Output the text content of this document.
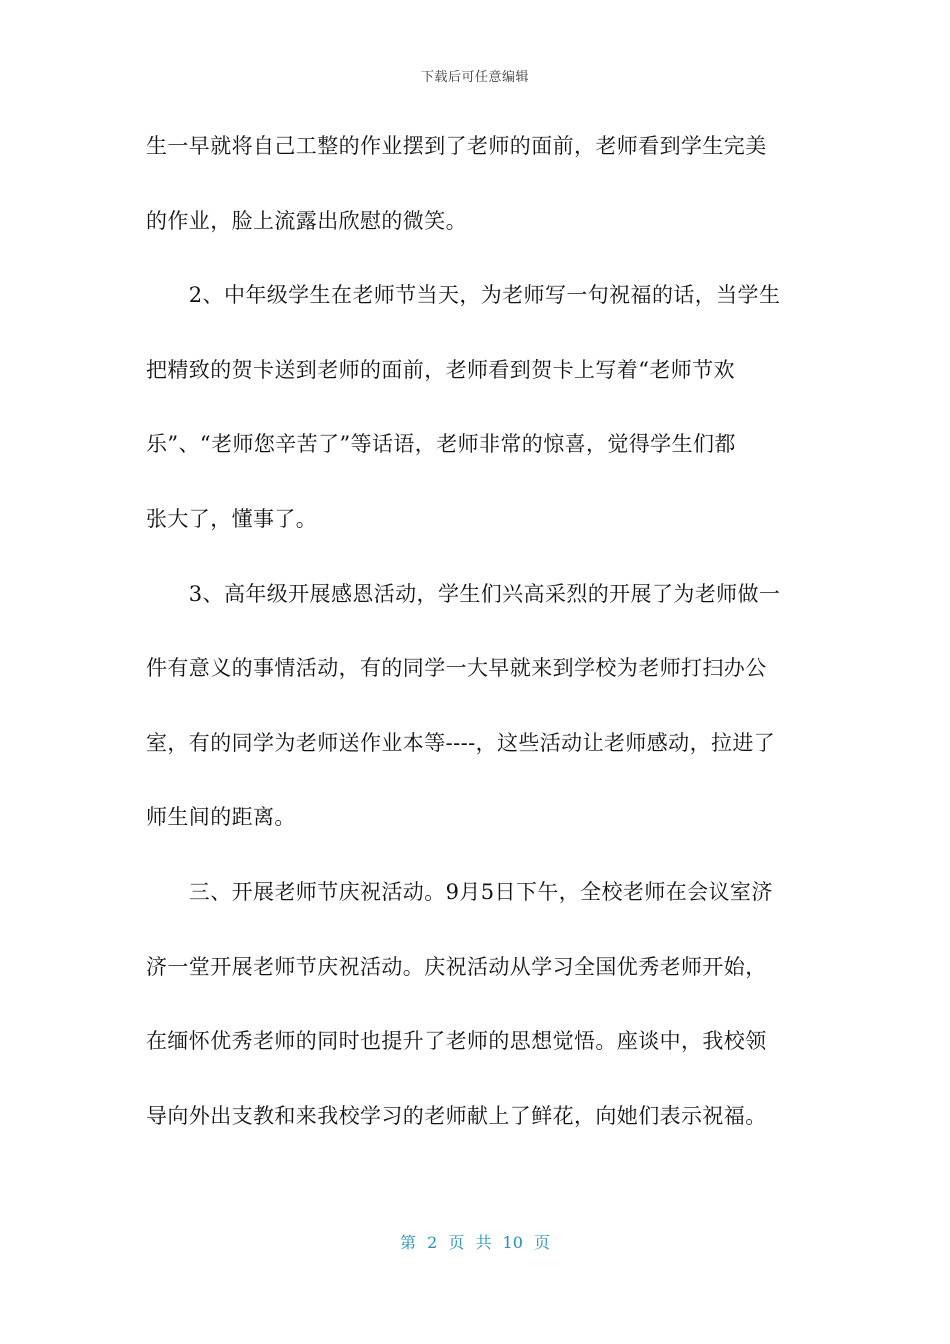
下载后可任意编辑
生一早就将自己工整的作业摆到了老师的面前，老师看到学生完美
的作业，脸上流露出欣慰的微笑。
　　2、中年级学生在老师节当天，为老师写一句祝福的话，当学生
把精致的贺卡送到老师的面前，老师看到贺卡上写着“老师节欢
乐”、“老师您辛苦了”等话语，老师非常的惊喜，觉得学生们都
张大了，懂事了。
　　3、高年级开展感恩活动，学生们兴高采烈的开展了为老师做一
件有意义的事情活动，有的同学一大早就来到学校为老师打扫办公
室，有的同学为老师送作业本等----，这些活动让老师感动，拉进了
师生间的距离。
　　三、开展老师节庆祝活动。9月5日下午，全校老师在会议室济
济一堂开展老师节庆祝活动。庆祝活动从学习全国优秀老师开始，
在缅怀优秀老师的同时也提升了老师的思想觉悟。座谈中，我校领
导向外出支教和来我校学习的老师献上了鲜花，向她们表示祝福。
第 2 页 共 10 页
